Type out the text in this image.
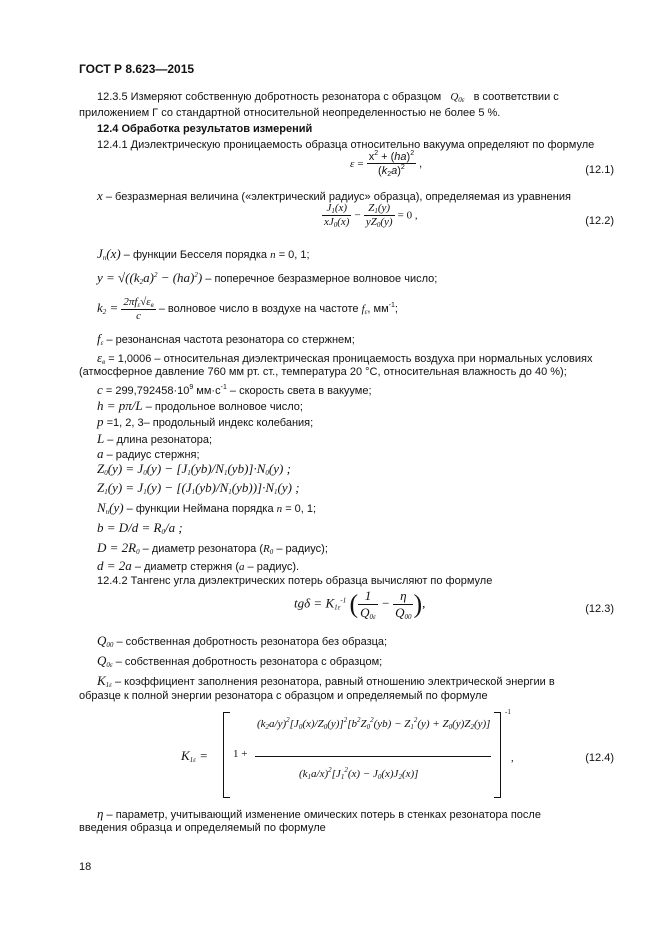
ГОСТ Р 8.623—2015
12.3.5 Измеряют собственную добротность резонатора с образцом $Q_{0\varepsilon}$ в соответствии с
приложением Г со стандартной относительной неопределенностью не более 5 %.
12.4 Обработка результатов измерений
12.4.1 Диэлектрическую проницаемость образца относительно вакуума определяют по формуле
$\varepsilon = \frac{x^2 + (ha)^2}{(k_2a)^2}$ ,
(12.1)
x – безразмерная величина («электрический радиус» образца), определяемая из уравнения
$\frac{J_1(x)}{xJ_0(x)} - \frac{Z_1(y)}{yZ_0(y)} = 0$ ,	(12.2)
$J_n(x)$ – функции Бесселя порядка n = 0, 1;
$y = √((k_2a)^2 - (ha)^2)$ – поперечное безразмерное волновое число;
$k_2 = \frac{2\pi f_\varepsilon√\varepsilon_в}{c}$ – волновое число в воздухе на частоте $f_\varepsilon$, $мм^{-1}$;
$f_\varepsilon$ – резонансная частота резонатора со стержнем;
$\varepsilon_в = 1,0006$ – относительная диэлектрическая проницаемость воздуха при нормальных условиях
(атмосферное давление 760 мм рт. ст., температура 20 °С, относительная влажность до 40 %);
$c = 299,792458\cdot 10^9$ $мм\cdot с^{-1}$ – скорость света в вакууме;
h = pπ/L – продольное волновое число;
p =1, 2, 3– продольный индекс колебания;
L – длина резонатора;
a – радиус стержня;
$Z_0(y) = J_0(y) - [J_1(yb)/N_1(yb)]\cdot N_0(y)$ ;
$Z_1(y) = J_1(y) - [(J_1(yb)/N_1(yb))]\cdot N_1(y)$ ;
$N_n(y)$ – функции Неймана порядка n = 0, 1;
$b = D/d = R_0/a$ ;
$D = 2R_0$ – диаметр резонатора ($R_0$ – радиус);
d = 2a – диаметр стержня (a – радиус).
12.4.2 Тангенс угла диэлектрических потерь образца вычисляют по формуле
$tg\delta = K_{1\varepsilon}^{-1}$ ( $\frac{1}{Q_{0\varepsilon}} - \frac{\eta}{Q_{00}}$ ),	(12.3)
$Q_{00}$ – собственная добротность резонатора без образца;
$Q_{0\varepsilon}$ – собственная добротность резонатора с образцом;
$K_{1\varepsilon}$ – коэффициент заполнения резонатора, равный отношению электрической энергии в
образце к полной энергии резонатора с образцом и определяемый по формуле
$K_{1\varepsilon}$ =
-1
1 +
$(k_2a/y)^2[J_0(x)/Z_0(y)]^2[b^2Z_0^2(yb) - Z_1^2(y) + Z_0(y)Z_2(y)]$
$(k_1a/x)^2[J_1^2(x) - J_0(x)J_2(x)]$
,	(12.4)
η – параметр, учитывающий изменение омических потерь в стенках резонатора после
введения образца и определяемый по формуле
18
